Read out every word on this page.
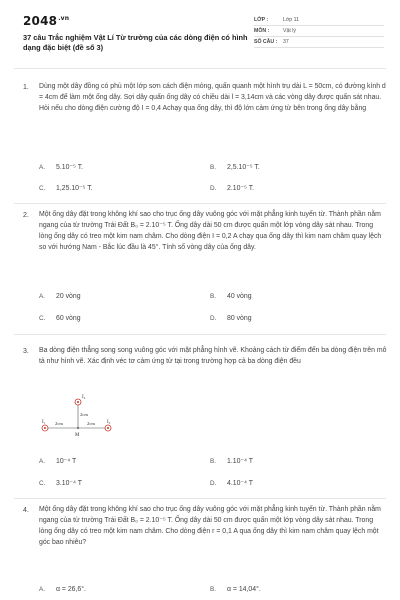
$2048^{.vn}$
37 câu Trắc nghiệm Vật Lí Từ trường của các dòng điện có hình dạng đặc biệt (đề số 3)
LỚP :	Lớp 11
MÔN :	Vật lý
SỐ CÂU :	37
1. Dùng một dây đồng có phủ một lớp sơn cách điện mỏng, quấn quanh một hình trụ dài L = 50cm, có đường kính d = 4cm để làm một ống dây. Sợi dây quấn ống dây có chiều dài l = 3,14cm và các vòng dây được quấn sát nhau. Hỏi nếu cho dòng điện cường độ I = 0,4 Achạy qua ống dây, thì độ lớn cảm ứng từ bên trong ống dây bằng
A. 5.10⁻⁵ T.	B. 2,5.10⁻⁵ T.
C. 1,25.10⁻⁵ T.	D. 2.10⁻⁵ T.
2. Một ống dây đặt trong không khí sao cho trục ống dây vuông góc với mặt phẳng kinh tuyến từ. Thành phần nằm ngang của từ trường Trái Đất B₀ = 2.10⁻⁵ T. Ống dây dài 50 cm được quấn một lớp vòng dây sát nhau. Trong lòng ống dây có treo một kim nam châm. Cho dòng điện I = 0,2 A chạy qua ống dây thì kim nam châm quay lệch so với hướng Nam - Bắc lúc đầu là 45°. Tính số vòng dây của ống dây.
A. 20 vòng	B. 40 vòng
C. 60 vòng	D. 80 vòng
3. Ba dòng điện thẳng song song vuông góc với mặt phẳng hình vẽ. Khoảng cách từ điểm đến ba dòng điện trên mô tả như hình vẽ. Xác định véc tơ cảm ứng từ tại trong trường hợp cả ba dòng điện đều
I₂
2cm
I₁ 2cm	2cm I₃
M
A. 10⁻⁴ T	B. 1.10⁻⁴ T
C. 3.10⁻⁴ T	D. 4.10⁻⁴ T
4. Một ống dây đặt trong không khí sao cho trục ống dây vuông góc với mặt phẳng kinh tuyến từ. Thành phần nằm ngang của từ trường Trái Đất B₀ = 2.10⁻⁵ T. Ống dây dài 50 cm được quấn một lớp vòng dây sát nhau. Trong lòng ống dây có treo một kim nam châm. Cho dòng điện r = 0,1 A qua ống dây thì kim nam châm quay lệch một góc bao nhiêu?
A. α = 26,6°.	B. α = 14,04°.
